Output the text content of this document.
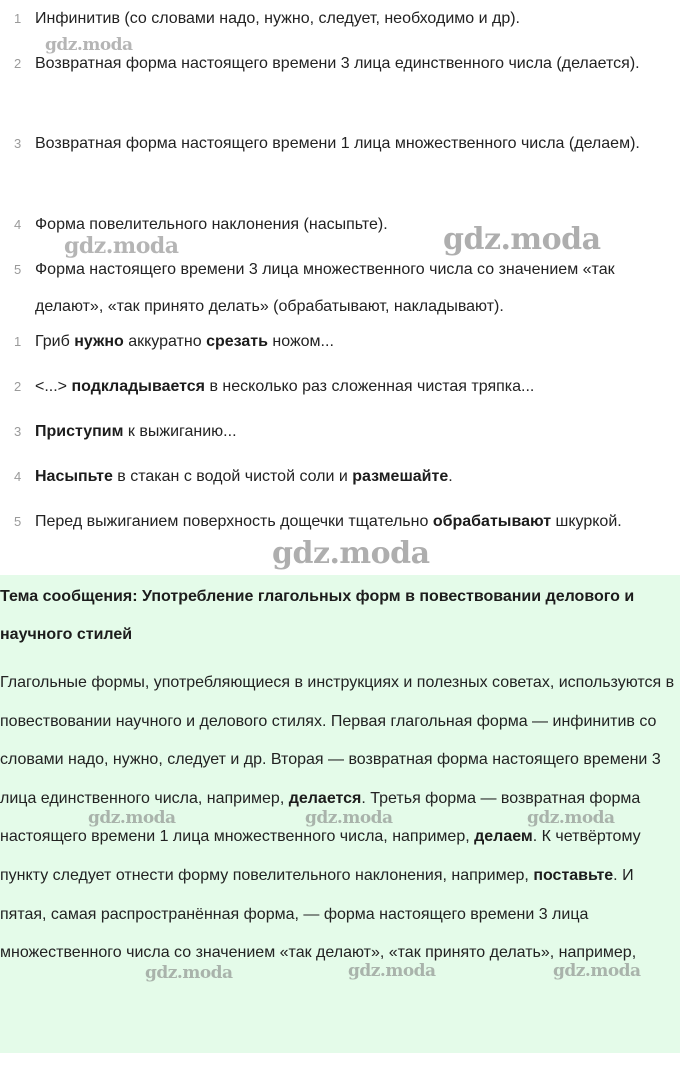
1 Инфинитив (со словами надо, нужно, следует, необходимо и др).
2 Возвратная форма настоящего времени 3 лица единственного числа (делается).
3 Возвратная форма настоящего времени 1 лица множественного числа (делаем).
4 Форма повелительного наклонения (насыпьте).
5 Форма настоящего времени 3 лица множественного числа со значением «так делают», «так принято делать» (обрабатывают, накладывают).
1 Гриб нужно аккуратно срезать ножом...
2 <...> подкладывается в несколько раз сложенная чистая тряпка...
3 Приступим к выжиганию...
4 Насыпьте в стакан с водой чистой соли и размешайте.
5 Перед выжиганием поверхность дощечки тщательно обрабатывают шкуркой.
Тема сообщения: Употребление глагольных форм в повествовании делового и научного стилей
Глагольные формы, употребляющиеся в инструкциях и полезных советах, используются в повествовании научного и делового стилях. Первая глагольная форма — инфинитив со словами надо, нужно, следует и др. Вторая — возвратная форма настоящего времени 3 лица единственного числа, например, делается. Третья форма — возвратная форма настоящего времени 1 лица множественного числа, например, делаем. К четвёртому пункту следует отнести форму повелительного наклонения, например, поставьте. И пятая, самая распространённая форма, — форма настоящего времени 3 лица множественного числа со значением «так делают», «так принято делать», например,
gdz.moda
gdz.moda
gdz.moda
gdz.moda
gdz.moda	gdz.moda	gdz.moda
gdz.moda	gdz.moda	gdz.moda
